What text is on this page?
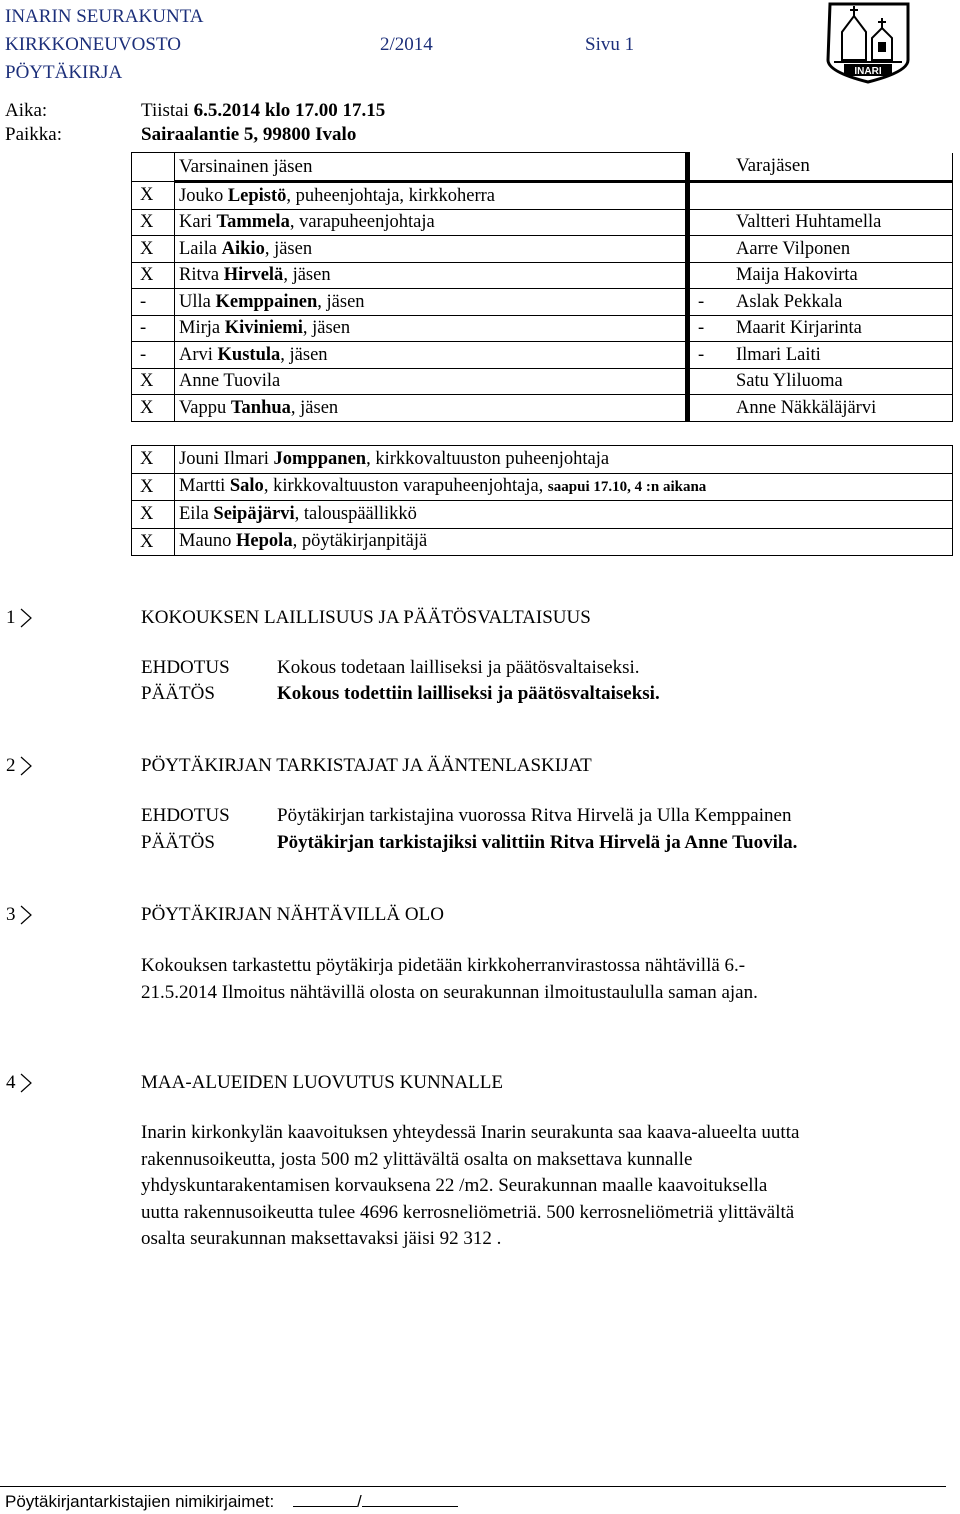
INARIN SEURAKUNTA
KIRKKONEUVOSTO	2/2014	Sivu 1
PÖYTÄKIRJA	INARI
Aika:	Tiistai 6.5.2014 klo 17.00 17.15
Paikka:	Sairaalantie 5, 99800 Ivalo
	Varsinainen jäsen		Varajäsen
X	Jouko Lepistö, puheenjohtaja, kirkkoherra		
X	Kari Tammela, varapuheenjohtaja		Valtteri Huhtamella
X	Laila Aikio, jäsen		Aarre Vilponen
X	Ritva Hirvelä, jäsen		Maija Hakovirta
-	Ulla Kemppainen, jäsen	-	Aslak Pekkala
-	Mirja Kiviniemi, jäsen	-	Maarit Kirjarinta
-	Arvi Kustula, jäsen	-	Ilmari Laiti
X	Anne Tuovila		Satu Yliluoma
X	Vappu Tanhua, jäsen		Anne Näkkäläjärvi
X	Jouni Ilmari Jomppanen, kirkkovaltuuston puheenjohtaja
X	Martti Salo, kirkkovaltuuston varapuheenjohtaja, saapui 17.10, 4 :n aikana
X	Eila Seipäjärvi, talouspäällikkö
X	Mauno Hepola, pöytäkirjanpitäjä
1	KOKOUKSEN LAILLISUUS JA PÄÄTÖSVALTAISUUS
EHDOTUS Kokous todetaan lailliseksi ja päätösvaltaiseksi.
PÄÄTÖS	Kokous todettiin lailliseksi ja päätösvaltaiseksi.
2	PÖYTÄKIRJAN TARKISTAJAT JA ÄÄNTENLASKIJAT
EHDOTUS Pöytäkirjan tarkistajina vuorossa Ritva Hirvelä ja Ulla Kemppainen
PÄÄTÖS	Pöytäkirjan tarkistajiksi valittiin Ritva Hirvelä ja Anne Tuovila.
3	PÖYTÄKIRJAN NÄHTÄVILLÄ OLO
Kokouksen tarkastettu pöytäkirja pidetään kirkkoherranvirastossa nähtävillä 6.-
21.5.2014 Ilmoitus nähtävillä olosta on seurakunnan ilmoitustaululla saman ajan.
4	MAA-ALUEIDEN LUOVUTUS KUNNALLE
Inarin kirkonkylän kaavoituksen yhteydessä Inarin seurakunta saa kaava-alueelta uutta
rakennusoikeutta, josta 500 m2 ylittävältä osalta on maksettava kunnalle
yhdyskuntarakentamisen korvauksena 22 /m2. Seurakunnan maalle kaavoituksella
uutta rakennusoikeutta tulee 4696 kerrosneliömetriä. 500 kerrosneliömetriä ylittävältä
osalta seurakunnan maksettavaksi jäisi 92 312 .
Pöytäkirjantarkistajien nimikirjaimet:	/
